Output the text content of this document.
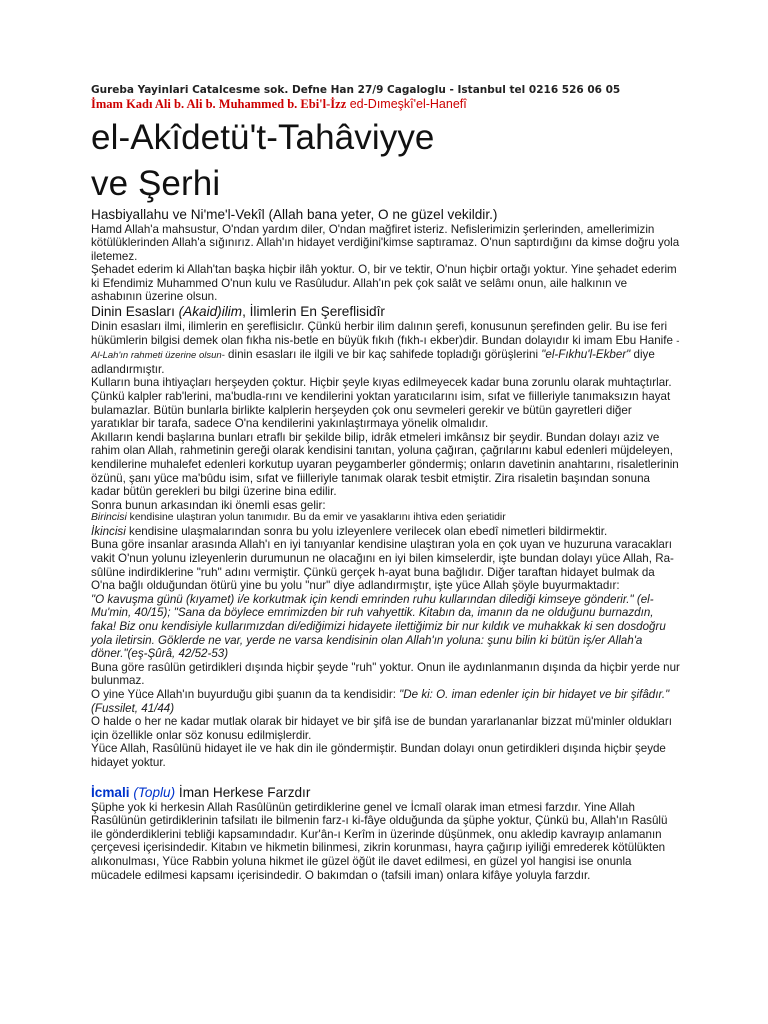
Gureba Yayinlari Catalcesme sok. Defne Han 27/9 Cagaloglu - Istanbul tel 0216 526 06 05
İmam Kadı Ali b. Ali b. Muhammed b. Ebi'l-İzz ed-Dımeşkî'el-Hanefî
el-Akîdetü't-Tahâviyye
ve Şerhi
Hasbiyallahu ve Ni'me'l-Vekîl (Allah bana yeter, O ne güzel vekildir.)

Hamd Allah'a mahsustur, O'ndan yardım diler, O'ndan mağfiret isteriz. Nefislerimizin şerlerinden, amellerimizin kötülüklerinden Allah'a sığınırız. Allah'ın hidayet verdiğini'kimse saptıramaz. O'nun saptırdığını da kimse doğru yola iletemez.

Şehadet ederim ki Allah'tan başka hiçbir ilâh yoktur. O, bir ve tektir, O'nun hiçbir ortağı yoktur. Yine şehadet ederim ki Efendimiz Muhammed O'nun kulu ve Rasûludur. Allah'ın pek çok salât ve selâmı onun, aile halkının ve ashabının üzerine olsun.

Dinin Esasları (Akaid)ilim, İlimlerin En Şereflisidîr

Dinin esasları ilmi, ilimlerin en şereflisiclır. Çünkü herbir ilim dalının şerefi, konusunun şerefinden gelir. Bu ise feri hükümlerin bilgisi demek olan fıkha nis-betle en büyük fıkıh (fıkh-ı ekber)dir. Bundan dolayıdır ki imam Ebu Hanife -Al-Lah'ın rahmeti üzerine olsun- dinin esasları ile ilgili ve bir kaç sahifede topladığı görüşlerini "el-Fıkhu'l-Ekber" diye adlandırmıştır.

Kulların buna ihtiyaçları herşeyden çoktur. Hiçbir şeyle kıyas edilmeyecek kadar buna zorunlu olarak muhtaçtırlar. Çünkü kalpler rab'lerini, ma'budla-rını ve kendilerini yoktan yaratıcılarını isim, sıfat ve fiilleriyle tanımaksızın hayat bulamazlar. Bütün bunlarla birlikte kalplerin herşeyden çok onu sevmeleri gerekir ve bütün gayretleri diğer yaratıklar bir tarafa, sadece O'na kendilerini yakınlaştırmaya yönelik olmalıdır.

Akılların kendi başlarına bunları etraflı bir şekilde bilip, idrâk etmeleri imkânsız bir şeydir. Bundan dolayı aziz ve rahim olan Allah, rahmetinin gereği olarak kendisini tanıtan, yoluna çağıran, çağrılarını kabul edenleri müjdeleyen, kendilerine muhalefet edenleri korkutup uyaran peygamberler göndermiş; onların davetinin anahtarını, risaletlerinin özünü, şanı yüce ma'bûdu isim, sıfat ve fiilleriyle tanımak olarak tesbit etmiştir. Zira risaletin başından sonuna kadar bütün gerekleri bu bilgi üzerine bina edilir.

Sonra bunun arkasından iki önemli esas gelir:

Birincisi kendisine ulaştıran yolun tanımıdır. Bu da emir ve yasaklarını ihtiva eden şeriatidir

İkincisi kendisine ulaşmalarından sonra bu yolu izleyenlere verilecek olan ebedî nimetleri bildirmektir.

Buna göre insanlar arasında Allah'ı en iyi tanıyanlar kendisine ulaştıran yola en çok uyan ve huzuruna varacakları vakit O'nun yolunu izleyenlerin durumunun ne olacağını en iyi bilen kimselerdir, işte bundan dolayı yüce Allah, Ra-sûlüne indirdiklerine "ruh" adını vermiştir. Çünkü gerçek h-ayat buna bağlıdır. Diğer taraftan hidayet bulmak da O'na bağlı olduğundan ötürü yine bu yolu "nur" diye adlandırmıştır, işte yüce Allah şöyle buyurmaktadır:

"O kavuşma günü (kıyamet) i/e korkutmak için kendi emrinden ruhu kullarından dilediği kimseye gönderir." (el-Mu'min, 40/15); "Sana da böylece emrimizden bir ruh vahyettik. Kitabın da, imanın da ne olduğunu burnazdın, faka! Biz onu kendisiyle kullarımızdan di/ediğimizi hidayete ilettiğimiz bir nur kıldık ve muhakkak ki sen dosdoğru yola iletirsin. Göklerde ne var, yerde ne varsa kendisinin olan Allah'ın yoluna: şunu bilin ki bütün iş/er Allah'a döner."(eş-Şûrâ, 42/52-53)

Buna göre rasûlün getirdikleri dışında hiçbir şeyde "ruh" yoktur. Onun ile aydınlanmanın dışında da hiçbir yerde nur bulunmaz.

O yine Yüce Allah'ın buyurduğu gibi şuanın da ta kendisidir: "De ki: O. iman edenler için bir hidayet ve bir şifâdır."(Fussilet, 41/44)

O halde o her ne kadar mutlak olarak bir hidayet ve bir şifâ ise de bundan yararlananlar bizzat mü'minler oldukları için özellikle onlar söz konusu edilmişlerdir.

Yüce Allah, Rasûlünü hidayet ile ve hak din ile göndermiştir. Bundan dolayı onun getirdikleri dışında hiçbir şeyde hidayet yoktur.

İcmali (Toplu) İman Herkese Farzdır

Şüphe yok ki herkesin Allah Rasûlünün getirdiklerine genel ve İcmalî olarak iman etmesi farzdır. Yine Allah Rasûlünün getirdiklerinin tafsilatı ile bilmenin farz-ı ki-fâye olduğunda da şüphe yoktur, Çünkü bu, Allah'ın Rasûlü ile gönderdiklerini tebliği kapsamındadır. Kur'ân-ı Kerîm in üzerinde düşünmek, onu akledip kavrayıp anlamanın çerçevesi içerisindedir. Kitabın ve hikmetin bilinmesi, zikrin korunması, hayra çağırıp iyiliği emrederek kötülükten alıkonulması, Yüce Rabbin yoluna hikmet ile güzel öğüt ile davet edilmesi, en güzel yol hangisi ise onunla mücadele edilmesi kapsamı içerisindedir. O bakımdan o (tafsili iman) onlara kifâye yoluyla farzdır.
